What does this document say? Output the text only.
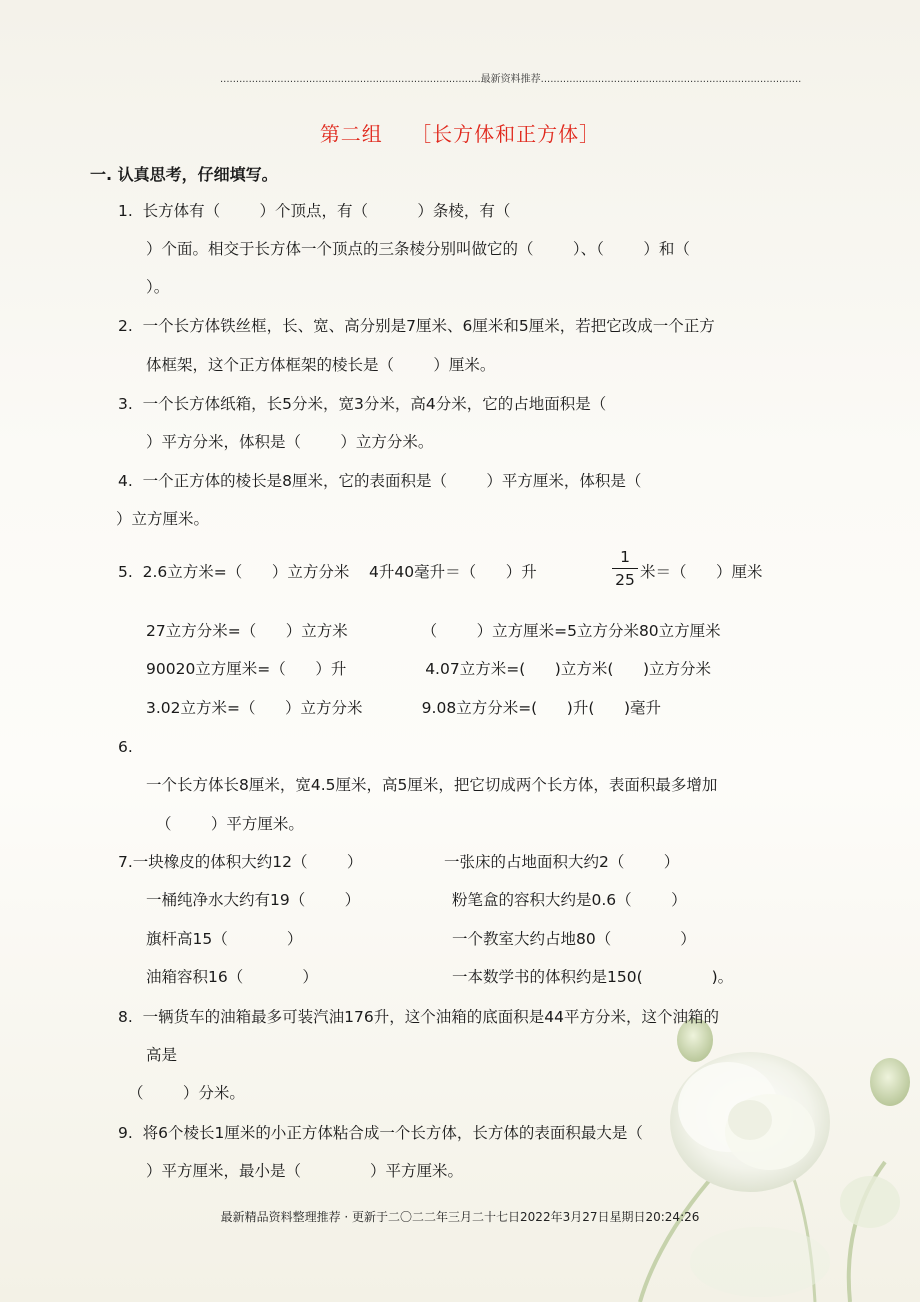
..................................................................................最新资料推荐..................................................................................
第二组　 ［长方体和正方体］
一. 认真思考，仔细填写。
1.  长方体有（        ）个顶点，有（          ）条棱，有（
）个面。相交于长方体一个顶点的三条棱分别叫做它的（        ）、（        ）和（
）。
2.  一个长方体铁丝框，长、宽、高分别是7厘米、6厘米和5厘米，若把它改成一个正方
体框架，这个正方体框架的棱长是（        ）厘米。
3.  一个长方体纸箱，长5分米，宽3分米，高4分米，它的占地面积是（
）平方分米，体积是（        ）立方分米。
4.  一个正方体的棱长是8厘米，它的表面积是（        ）平方厘米，体积是（
）立方厘米。
5.  2.6立方米=（      ）立方分米    4升40毫升＝（      ）升
1
25 米＝（      ）厘米
27立方分米=（      ）立方米               （        ）立方厘米=5立方分米80立方厘米
90020立方厘米=（      ）升                4.07立方米=(      )立方米(      )立方分米
3.02立方米=（      ）立方分米            9.08立方分米=(      )升(      )毫升
6.
一个长方体长8厘米，宽4.5厘米，高5厘米，把它切成两个长方体，表面积最多增加
（        ）平方厘米。
7.一块橡皮的体积大约12（        ）	一张床的占地面积大约2（        ）
一桶纯净水大约有19（        ）	粉笔盒的容积大约是0.6（        ）
旗杆高15（            ）	一个教室大约占地80（              ）
油箱容积16（            ）	一本数学书的体积约是150(              )。
8.  一辆货车的油箱最多可装汽油176升，这个油箱的底面积是44平方分米，这个油箱的
高是
（        ）分米。
9.  将6个棱长1厘米的小正方体粘合成一个长方体，长方体的表面积最大是（
）平方厘米，最小是（              ）平方厘米。
最新精品资料整理推荐 · 更新于二〇二二年三月二十七日2022年3月27日星期日20:24:26
